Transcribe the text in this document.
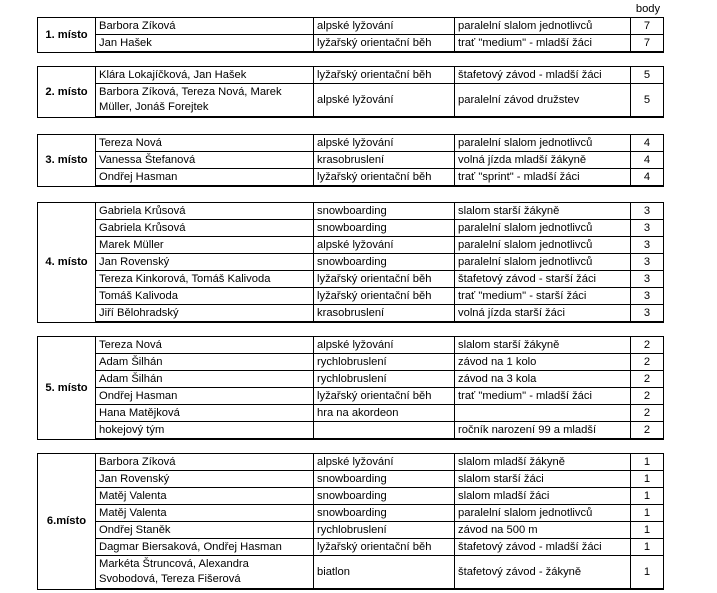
body
1. místo	Barbora Zíková	alpské lyžování	paralelní slalom jednotlivců	7
	Jan Hašek	lyžařský orientační běh	trať "medium" - mladší žáci	7
2. místo	Klára Lokajíčková, Jan Hašek	lyžařský orientační běh	štafetový závod - mladší žáci	5
	Barbora Zíková, Tereza Nová, Marek Müller, Jonáš Forejtek	alpské lyžování	paralelní závod družstev	5
3. místo	Tereza Nová	alpské lyžování	paralelní slalom jednotlivců	4
	Vanessa Štefanová	krasobruslení	volná jízda mladší žákyně	4
	Ondřej Hasman	lyžařský orientační běh	trať "sprint" - mladší žáci	4
4. místo	Gabriela Krůsová	snowboarding	slalom starší žákyně	3
	Gabriela Krůsová	snowboarding	paralelní slalom jednotlivců	3
	Marek Müller	alpské lyžování	paralelní slalom jednotlivců	3
	Jan Rovenský	snowboarding	paralelní slalom jednotlivců	3
	Tereza Kinkorová, Tomáš Kalivoda	lyžařský orientační běh	štafetový závod - starší žáci	3
	Tomáš Kalivoda	lyžařský orientační běh	trať "medium" - starší žáci	3
	Jiří Bělohradský	krasobruslení	volná jízda starší žáci	3
5. místo	Tereza Nová	alpské lyžování	slalom starší žákyně	2
	Adam Šilhán	rychlobruslení	závod na 1 kolo	2
	Adam Šilhán	rychlobruslení	závod na 3 kola	2
	Ondřej Hasman	lyžařský orientační běh	trať "medium" - mladší žáci	2
	Hana Matějková	hra na akordeon		2
	hokejový tým		ročník narození 99 a mladší	2
6.místo	Barbora Zíková	alpské lyžování	slalom mladší žákyně	1
	Jan Rovenský	snowboarding	slalom starší žáci	1
	Matěj Valenta	snowboarding	slalom mladší žáci	1
	Matěj Valenta	snowboarding	paralelní slalom jednotlivců	1
	Ondřej Staněk	rychlobruslení	závod na 500 m	1
	Dagmar Biersaková, Ondřej Hasman	lyžařský orientační běh	štafetový závod - mladší žáci	1
	Markéta Štruncová, Alexandra Svobodová, Tereza Fišerová	biatlon	štafetový závod - žákyně	1
